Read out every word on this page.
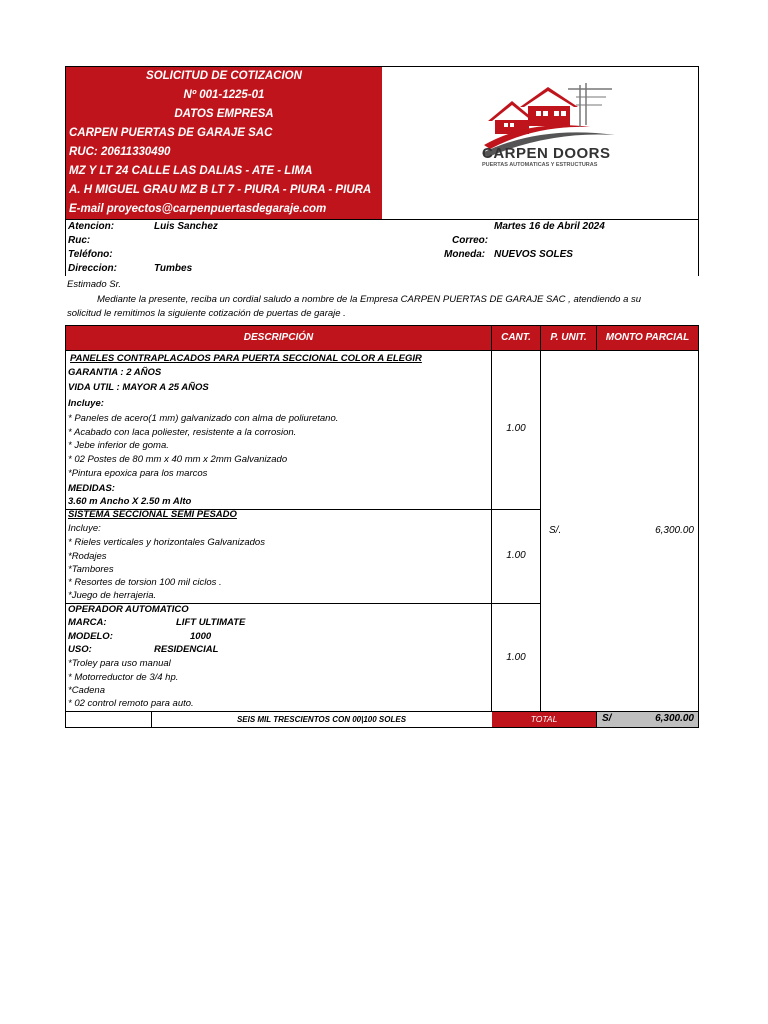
SOLICITUD DE COTIZACION
Nº 001-1225-01
DATOS EMPRESA
CARPEN PUERTAS DE GARAJE SAC
RUC: 20611330490
MZ Y LT 24 CALLE LAS DALIAS - ATE - LIMA
A. H MIGUEL GRAU MZ B LT 7 - PIURA - PIURA - PIURA
E-mail proyectos@carpenpuertasdegaraje.com
CARPEN DOORS
PUERTAS AUTOMATICAS Y ESTRUCTURAS
Atencion:	Luis Sanchez	Martes 16 de Abril 2024
Ruc:	Correo:
Teléfono:	Moneda: NUEVOS SOLES
Direccion:	Tumbes
Estimado Sr.
Mediante la presente, reciba un cordial saludo a nombre de la Empresa CARPEN PUERTAS DE GARAJE SAC , atendiendo a su
solicitud le remitimos la siguiente cotización de puertas de garaje .
DESCRIPCIÓN	CANT.	P. UNIT.	MONTO PARCIAL
PANELES CONTRAPLACADOS PARA PUERTA SECCIONAL COLOR A ELEGIR
GARANTIA : 2 AÑOS
VIDA UTIL : MAYOR A 25 AÑOS
Incluye:
* Paneles de acero(1 mm) galvanizado con alma de poliuretano.
* Acabado con laca poliester, resistente a la corrosion.
* Jebe inferior de goma.
* 02 Postes de 80 mm x 40 mm x 2mm Galvanizado
*Pintura epoxica para los marcos
MEDIDAS:
3.60 m Ancho X 2.50 m Alto
1.00
SISTEMA SECCIONAL SEMI PESADO
Incluye:
* Rieles verticales y horizontales Galvanizados
*Rodajes
*Tambores
* Resortes de torsion 100 mil ciclos .
*Juego de herrajeria.
1.00
OPERADOR AUTOMATICO
MARCA:	LIFT ULTIMATE
MODELO:	1000
USO:	RESIDENCIAL
*Troley para uso manual
* Motorreductor de 3/4 hp.
*Cadena
* 02 control remoto para auto.
1.00
S/.	6,300.00
SEIS MIL TRESCIENTOS CON 00|100 SOLES	TOTAL	S/	6,300.00
